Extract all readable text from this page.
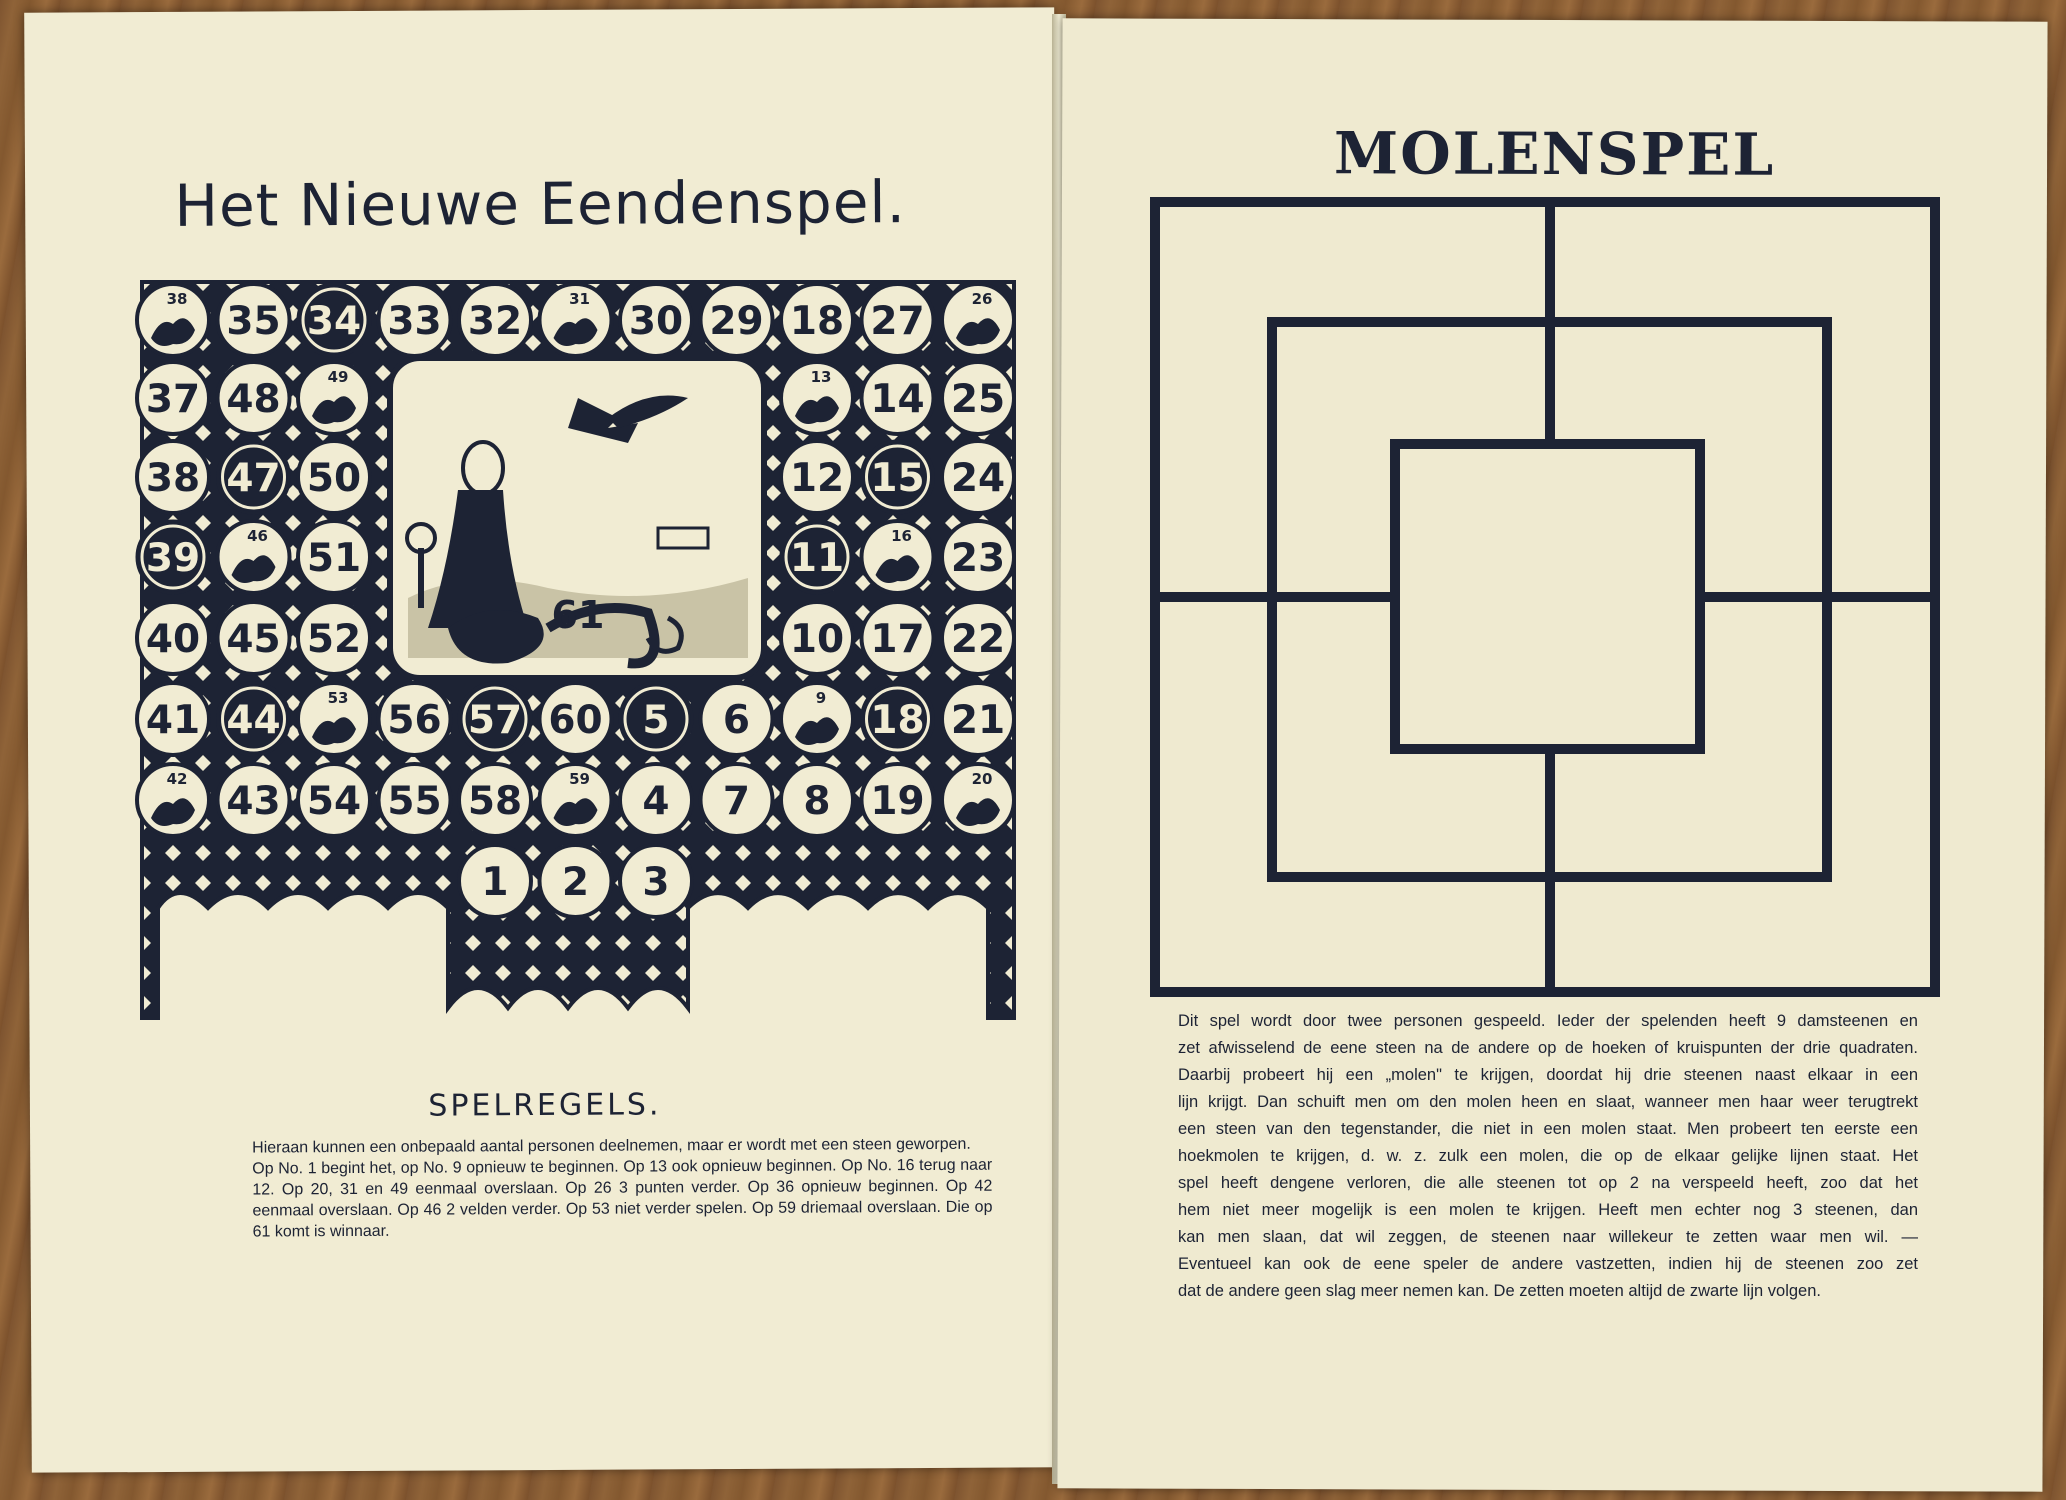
Het Nieuwe Eendenspel.
SPELREGELS.

Hieraan kunnen een onbepaald aantal personen deelnemen, maar er wordt met een steen geworpen.

Op No. 1 begint het, op No. 9 opnieuw te beginnen. Op 13 ook opnieuw beginnen. Op No. 16 terug naar 12. Op 20, 31 en 49 eenmaal overslaan. Op 26 3 punten verder. Op 36 opnieuw beginnen. Op 42 eenmaal overslaan. Op 46 2 velden verder. Op 53 niet verder spelen. Op 59 driemaal overslaan. Die op 61 komt is winnaar.

MOLENSPEL
38 35 34 33 32	31 30 29 18 27	26
37 48	49	13 14 25
38 47 50	12 15 24
39	46 51	11	16 23
40 45 52
61
10 17 22
41 44	53 56 57 60 5 6	9 18 21
42 43 54 55 58	59 4 7 8 19	20
1 2 3
Dit spel wordt door twee personen gespeeld. Ieder der spelenden heeft 9 damsteenen en
zet afwisselend de eene steen na de andere op de hoeken of kruispunten der drie quadraten.
Daarbij probeert hij een „molen" te krijgen, doordat hij drie steenen naast elkaar in een
lijn krijgt. Dan schuift men om den molen heen en slaat, wanneer men haar weer terugtrekt
een steen van den tegenstander, die niet in een molen staat. Men probeert ten eerste een
hoekmolen te krijgen, d. w. z. zulk een molen, die op de elkaar gelijke lijnen staat. Het
spel heeft dengene verloren, die alle steenen tot op 2 na verspeeld heeft, zoo dat het
hem niet meer mogelijk is een molen te krijgen. Heeft men echter nog 3 steenen, dan
kan men slaan, dat wil zeggen, de steenen naar willekeur te zetten waar men wil. —
Eventueel kan ook de eene speler de andere vastzetten, indien hij de steenen zoo zet
dat de andere geen slag meer nemen kan. De zetten moeten altijd de zwarte lijn volgen.
